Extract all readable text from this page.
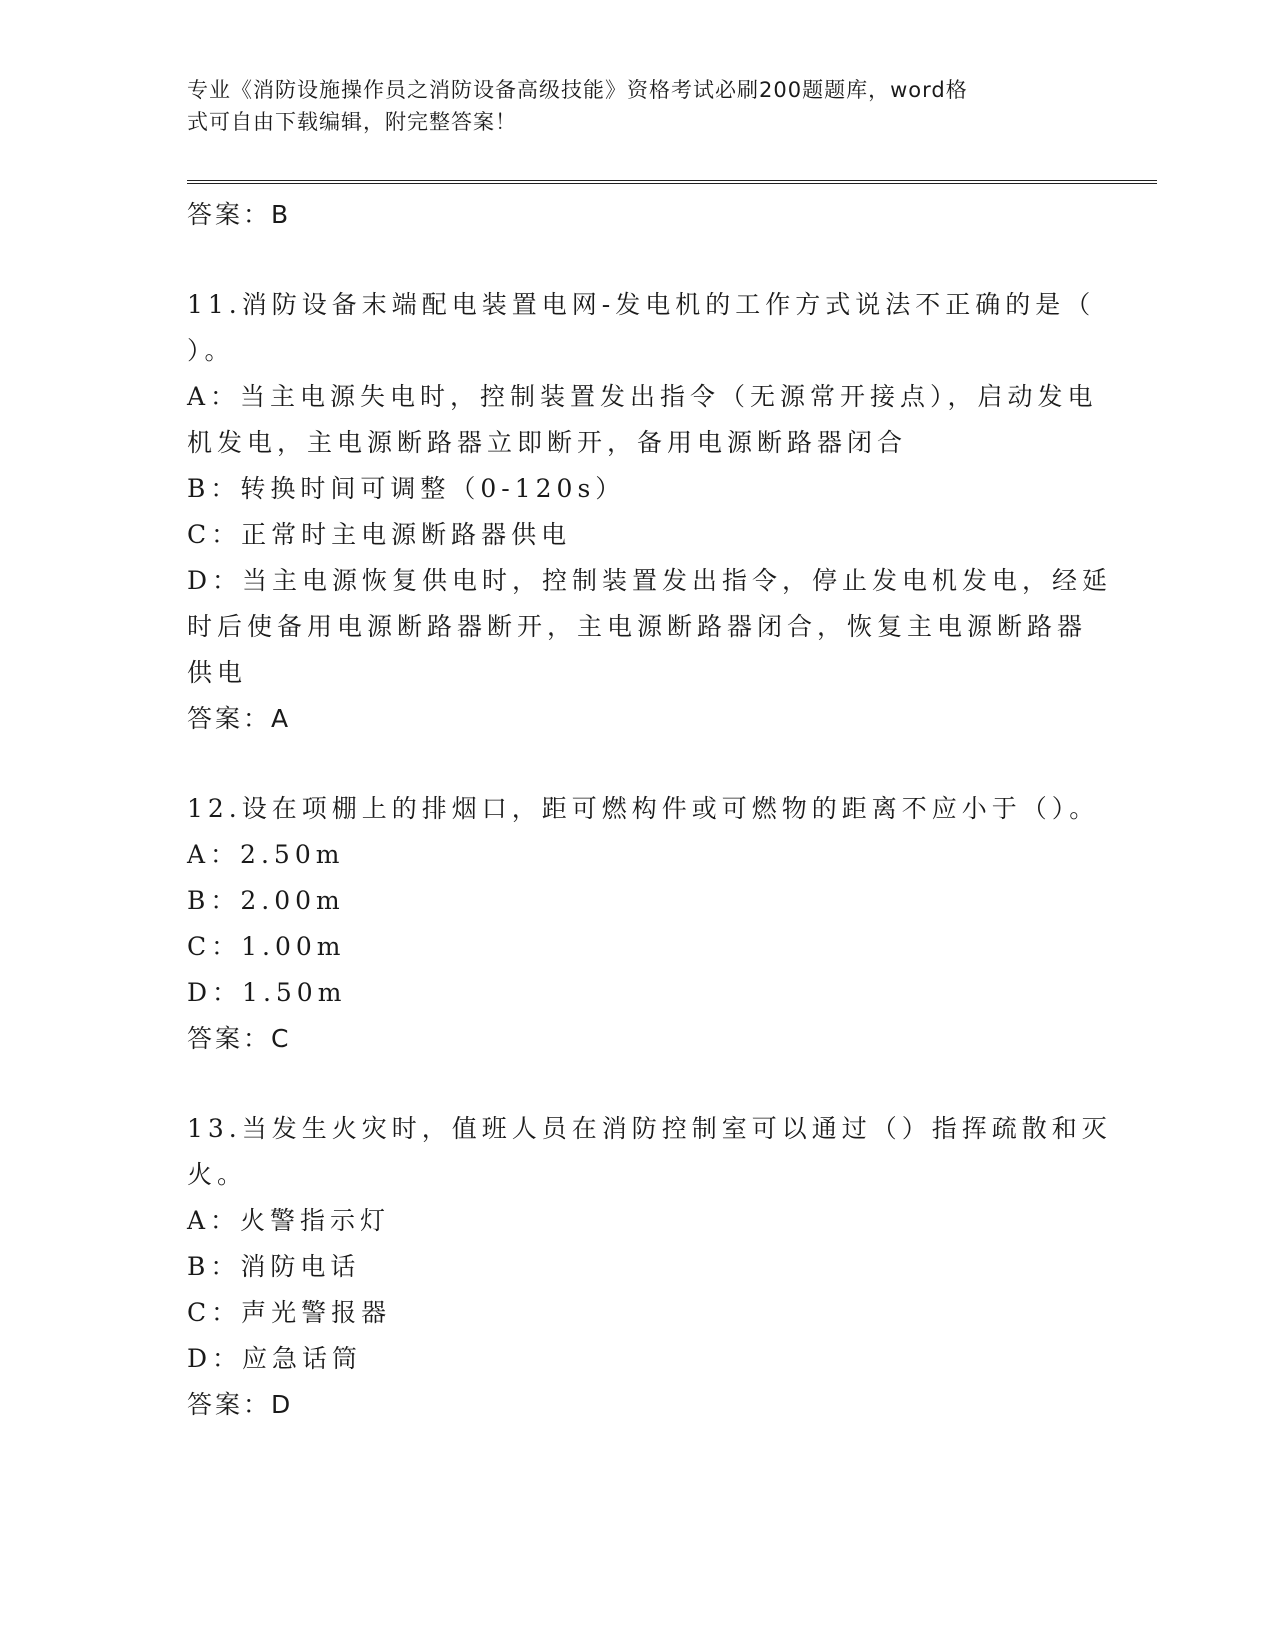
专业《消防设施操作员之消防设备高级技能》资格考试必刷200题题库，word格
式可自由下载编辑，附完整答案！
答案：B
11.消防设备末端配电装置电网-发电机的工作方式说法不正确的是（
）。
A：当主电源失电时，控制装置发出指令（无源常开接点），启动发电
机发电，主电源断路器立即断开，备用电源断路器闭合
B：转换时间可调整（0-120s）
C：正常时主电源断路器供电
D：当主电源恢复供电时，控制装置发出指令，停止发电机发电，经延
时后使备用电源断路器断开，主电源断路器闭合，恢复主电源断路器
供电
答案：A
12.设在项棚上的排烟口，距可燃构件或可燃物的距离不应小于（）。
A：2.50m
B：2.00m
C：1.00m
D：1.50m
答案：C
13.当发生火灾时，值班人员在消防控制室可以通过（）指挥疏散和灭
火。
A：火警指示灯
B：消防电话
C：声光警报器
D：应急话筒
答案：D
